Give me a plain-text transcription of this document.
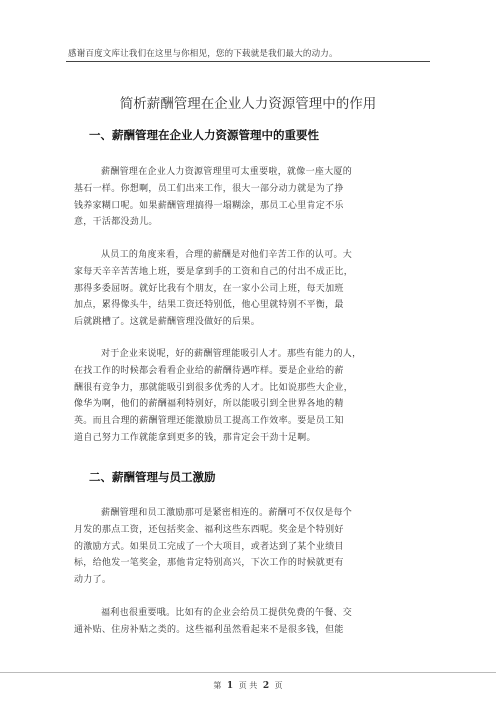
感谢百度文库让我们在这里与你相见，您的下载就是我们最大的动力。
简析薪酬管理在企业人力资源管理中的作用
一、薪酬管理在企业人力资源管理中的重要性
薪酬管理在企业人力资源管理里可太重要啦，就像一座大厦的
基石一样。你想啊，员工们出来工作，很大一部分动力就是为了挣
钱养家糊口呢。如果薪酬管理搞得一塌糊涂，那员工心里肯定不乐
意，干活都没劲儿。
从员工的角度来看，合理的薪酬是对他们辛苦工作的认可。大
家每天辛辛苦苦地上班，要是拿到手的工资和自己的付出不成正比，
那得多委屈呀。就好比我有个朋友，在一家小公司上班，每天加班
加点，累得像头牛，结果工资还特别低，他心里就特别不平衡，最
后就跳槽了。这就是薪酬管理没做好的后果。
对于企业来说呢，好的薪酬管理能吸引人才。那些有能力的人，
在找工作的时候都会看看企业给的薪酬待遇咋样。要是企业给的薪
酬很有竞争力，那就能吸引到很多优秀的人才。比如说那些大企业，
像华为啊，他们的薪酬福利特别好，所以能吸引到全世界各地的精
英。而且合理的薪酬管理还能激励员工提高工作效率。要是员工知
道自己努力工作就能拿到更多的钱，那肯定会干劲十足啊。
二、薪酬管理与员工激励
薪酬管理和员工激励那可是紧密相连的。薪酬可不仅仅是每个
月发的那点工资，还包括奖金、福利这些东西呢。奖金是个特别好
的激励方式。如果员工完成了一个大项目，或者达到了某个业绩目
标，给他发一笔奖金，那他肯定特别高兴，下次工作的时候就更有
动力了。
福利也很重要哦。比如有的企业会给员工提供免费的午餐、交
通补贴、住房补贴之类的。这些福利虽然看起来不是很多钱，但能
第 1 页 共 2 页
